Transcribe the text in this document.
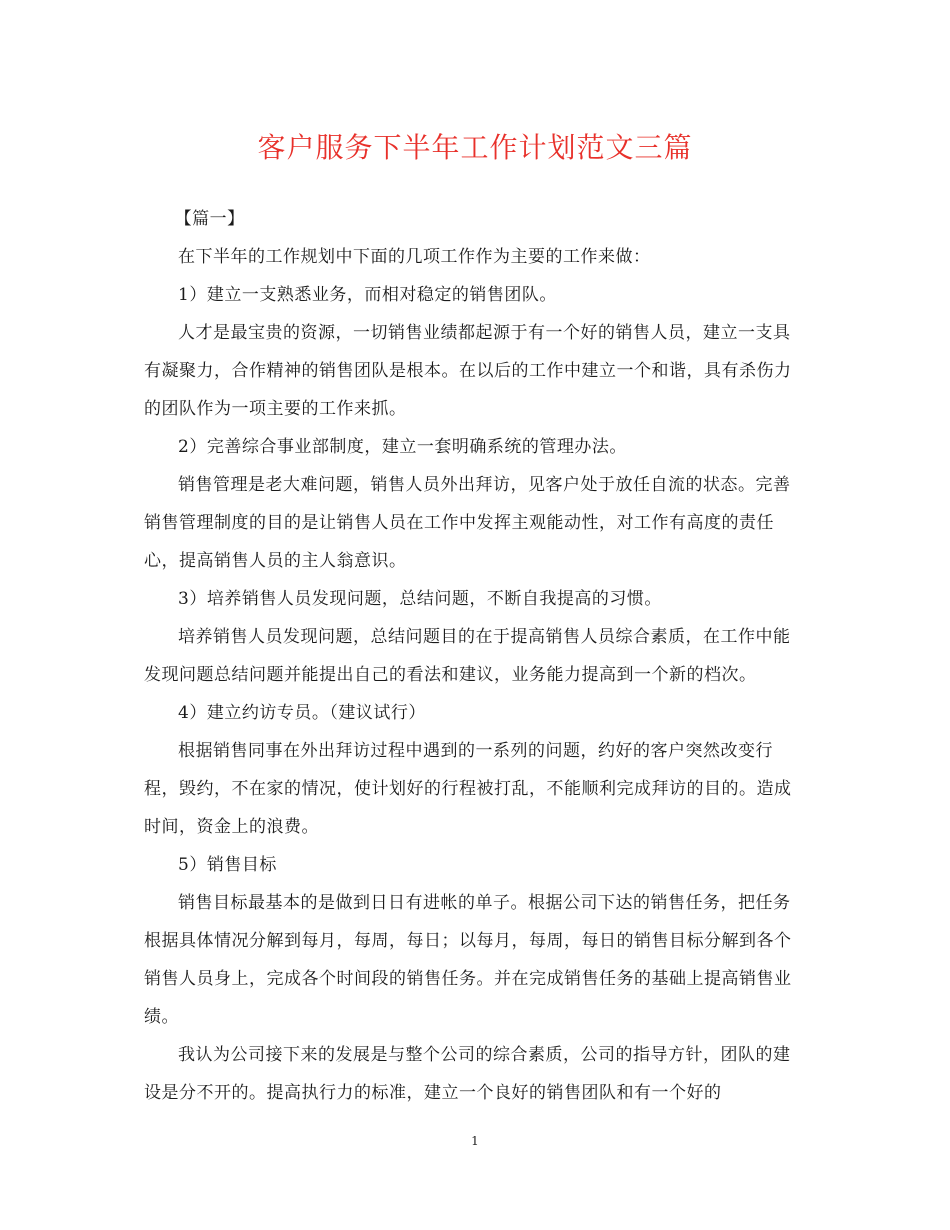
客户服务下半年工作计划范文三篇

【篇一】

在下半年的工作规划中下面的几项工作作为主要的工作来做：

1）建立一支熟悉业务，而相对稳定的销售团队。

人才是最宝贵的资源，一切销售业绩都起源于有一个好的销售人员，建立一支具有凝聚力，合作精神的销售团队是根本。在以后的工作中建立一个和谐，具有杀伤力的团队作为一项主要的工作来抓。

2）完善综合事业部制度，建立一套明确系统的管理办法。

销售管理是老大难问题，销售人员外出拜访，见客户处于放任自流的状态。完善销售管理制度的目的是让销售人员在工作中发挥主观能动性，对工作有高度的责任心，提高销售人员的主人翁意识。

3）培养销售人员发现问题，总结问题，不断自我提高的习惯。

培养销售人员发现问题，总结问题目的在于提高销售人员综合素质，在工作中能发现问题总结问题并能提出自己的看法和建议，业务能力提高到一个新的档次。

4）建立约访专员。（建议试行）

根据销售同事在外出拜访过程中遇到的一系列的问题，约好的客户突然改变行程，毁约，不在家的情况，使计划好的行程被打乱，不能顺利完成拜访的目的。造成时间，资金上的浪费。

5）销售目标

销售目标最基本的是做到日日有进帐的单子。根据公司下达的销售任务，把任务根据具体情况分解到每月，每周，每日；以每月，每周，每日的销售目标分解到各个销售人员身上，完成各个时间段的销售任务。并在完成销售任务的基础上提高销售业绩。

我认为公司接下来的发展是与整个公司的综合素质，公司的指导方针，团队的建设是分不开的。提高执行力的标准，建立一个良好的销售团队和有一个好的

1
